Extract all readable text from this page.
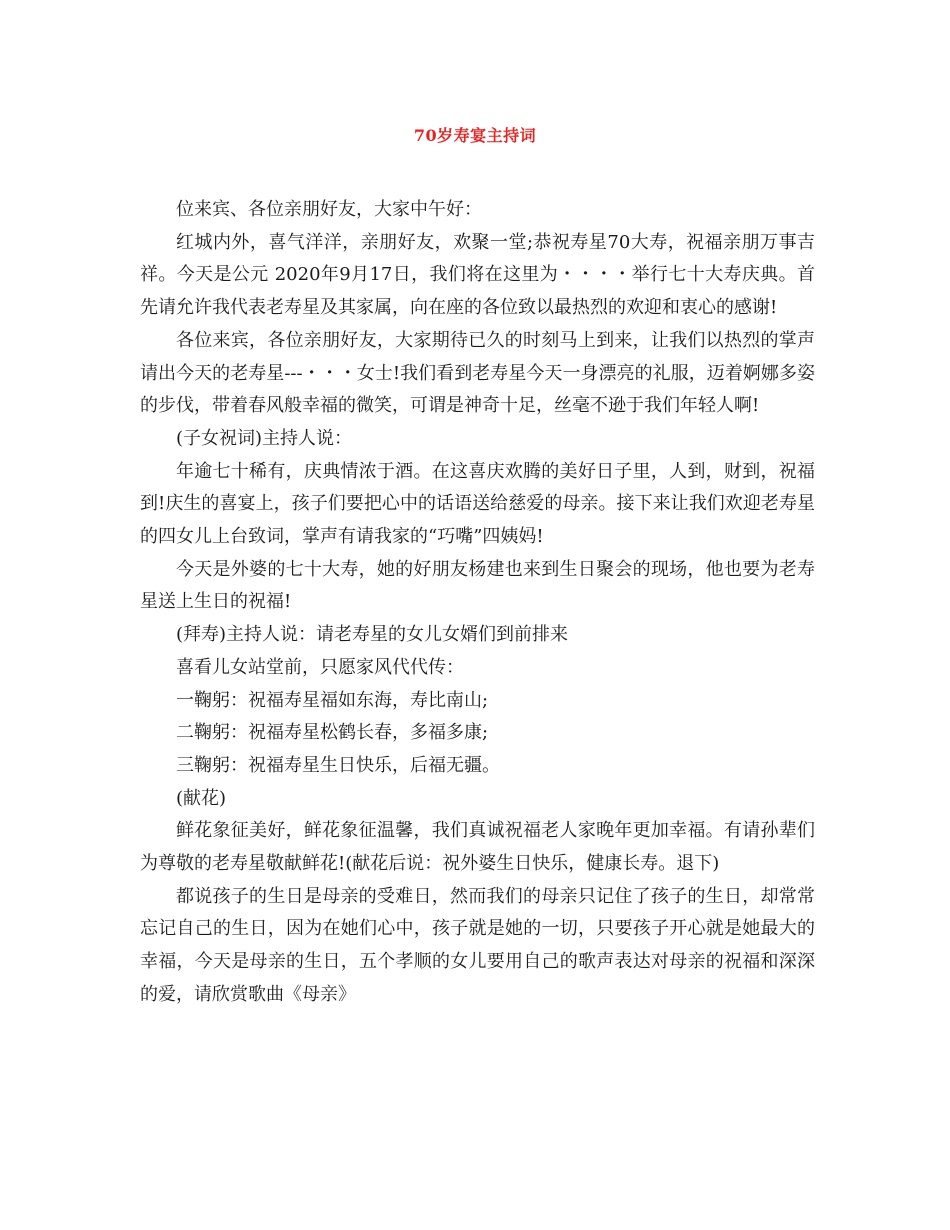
70岁寿宴主持词

位来宾、各位亲朋好友，大家中午好：

红城内外，喜气洋洋，亲朋好友，欢聚一堂;恭祝寿星70大寿，祝福亲朋万事吉祥。今天是公元 2020年9月17日，我们将在这里为・・・・举行七十大寿庆典。首先请允许我代表老寿星及其家属，向在座的各位致以最热烈的欢迎和衷心的感谢!

各位来宾，各位亲朋好友，大家期待已久的时刻马上到来，让我们以热烈的掌声请出今天的老寿星---・・・女士!我们看到老寿星今天一身漂亮的礼服，迈着婀娜多姿的步伐，带着春风般幸福的微笑，可谓是神奇十足，丝毫不逊于我们年轻人啊!

(子女祝词)主持人说：

年逾七十稀有，庆典情浓于酒。在这喜庆欢腾的美好日子里，人到，财到，祝福到!庆生的喜宴上，孩子们要把心中的话语送给慈爱的母亲。接下来让我们欢迎老寿星的四女儿上台致词，掌声有请我家的“巧嘴”四姨妈!

今天是外婆的七十大寿，她的好朋友杨建也来到生日聚会的现场，他也要为老寿星送上生日的祝福!

(拜寿)主持人说：请老寿星的女儿女婿们到前排来

喜看儿女站堂前，只愿家风代代传：

一鞠躬：祝福寿星福如东海，寿比南山;

二鞠躬：祝福寿星松鹤长春，多福多康;

三鞠躬：祝福寿星生日快乐，后福无疆。

(献花)

鲜花象征美好，鲜花象征温馨，我们真诚祝福老人家晚年更加幸福。有请孙辈们为尊敬的老寿星敬献鲜花!(献花后说：祝外婆生日快乐，健康长寿。退下)

都说孩子的生日是母亲的受难日，然而我们的母亲只记住了孩子的生日，却常常忘记自己的生日，因为在她们心中，孩子就是她的一切，只要孩子开心就是她最大的幸福，今天是母亲的生日，五个孝顺的女儿要用自己的歌声表达对母亲的祝福和深深的爱，请欣赏歌曲《母亲》
